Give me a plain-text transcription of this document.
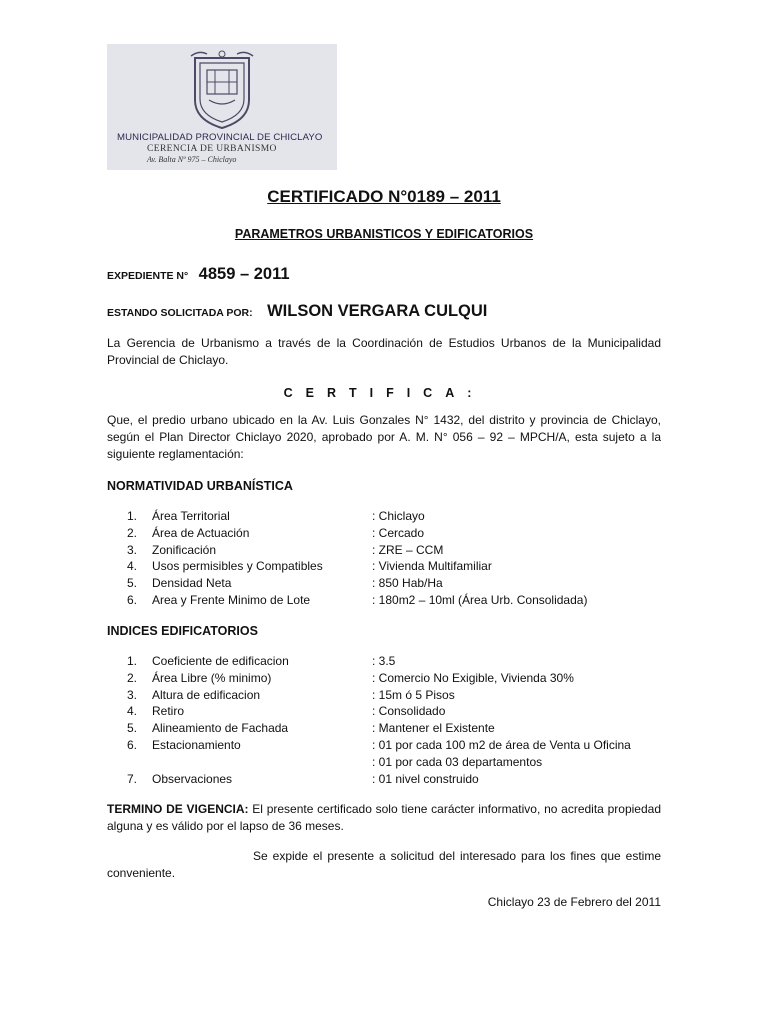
MUNICIPALIDAD PROVINCIAL DE CHICLAYO
CERENCIA DE URBANISMO
Av. Balta Nº 975 – Chiclayo
CERTIFICADO N°0189 – 2011
PARAMETROS URBANISTICOS Y EDIFICATORIOS
EXPEDIENTE N° 4859 – 2011
ESTANDO SOLICITADA POR: WILSON VERGARA CULQUI
La Gerencia de Urbanismo a través de la Coordinación de Estudios Urbanos de la Municipalidad Provincial de Chiclayo.
CERTIFICA:
Que, el predio urbano ubicado en la Av. Luis Gonzales N° 1432, del distrito y provincia de Chiclayo, según el Plan Director Chiclayo 2020, aprobado por A. M. N° 056 – 92 – MPCH/A, esta sujeto a la siguiente reglamentación:
NORMATIVIDAD URBANÍSTICA
1.	Área Territorial	: Chiclayo
2.	Área de Actuación	: Cercado
3.	Zonificación	: ZRE – CCM
4.	Usos permisibles y Compatibles	: Vivienda Multifamiliar
5.	Densidad Neta	: 850 Hab/Ha
6.	Area y Frente Minimo de Lote	: 180m2 – 10ml (Área Urb. Consolidada)
INDICES EDIFICATORIOS
1.	Coeficiente de edificacion	: 3.5
2.	Área Libre (% minimo)	: Comercio No Exigible, Vivienda 30%
3.	Altura de edificacion	: 15m ó 5 Pisos
4.	Retiro	: Consolidado
5.	Alineamiento de Fachada	: Mantener el Existente
6.	Estacionamiento	: 01 por cada 100 m2 de área de Venta u Oficina
: 01 por cada 03 departamentos
7.	Observaciones	: 01 nivel construido
TERMINO DE VIGENCIA: El presente certificado solo tiene carácter informativo, no acredita propiedad alguna y es válido por el lapso de 36 meses.
Se expide el presente a solicitud del interesado para los fines que estime conveniente.
Chiclayo 23 de Febrero del 2011
